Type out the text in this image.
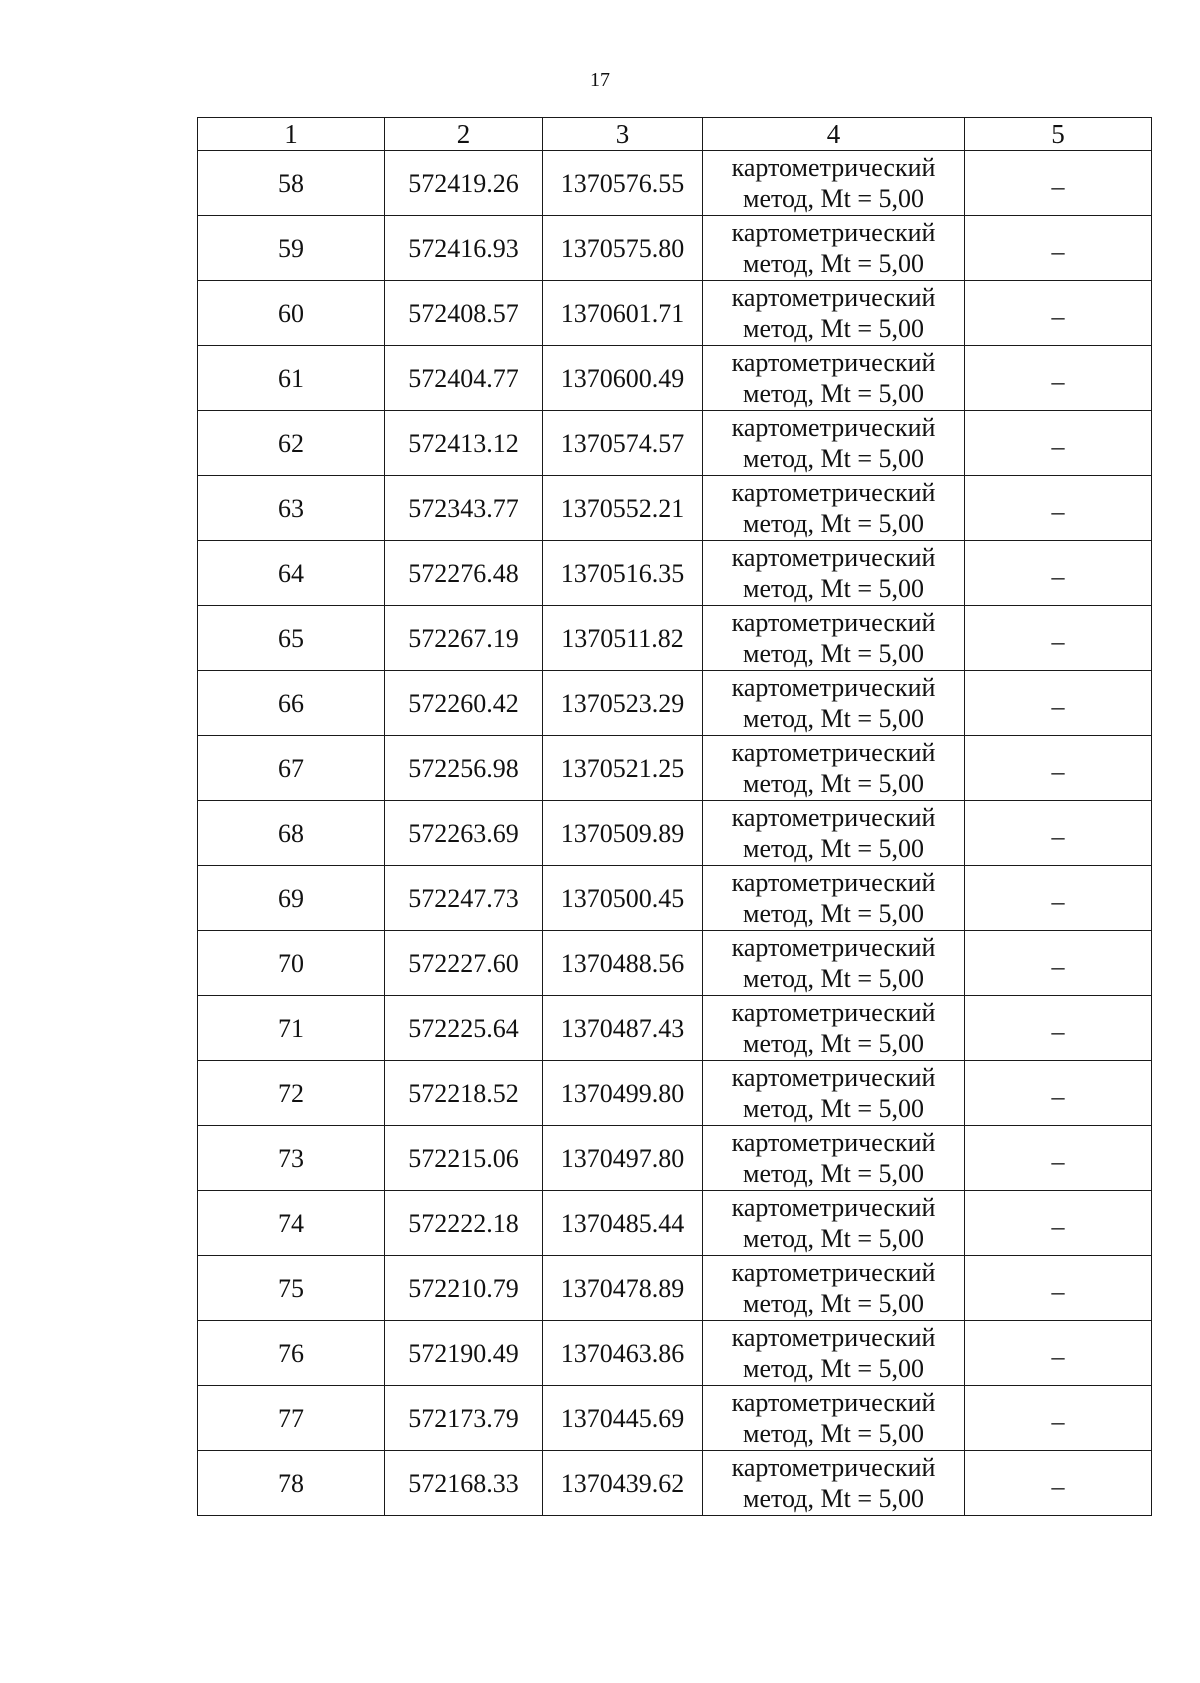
17
1	2	3	4	5
58	572419.26	1370576.55	картометрический
метод, Mt = 5,00	–
59	572416.93	1370575.80	картометрический
метод, Mt = 5,00	–
60	572408.57	1370601.71	картометрический
метод, Mt = 5,00	–
61	572404.77	1370600.49	картометрический
метод, Mt = 5,00	–
62	572413.12	1370574.57	картометрический
метод, Mt = 5,00	–
63	572343.77	1370552.21	картометрический
метод, Mt = 5,00	–
64	572276.48	1370516.35	картометрический
метод, Mt = 5,00	–
65	572267.19	1370511.82	картометрический
метод, Mt = 5,00	–
66	572260.42	1370523.29	картометрический
метод, Mt = 5,00	–
67	572256.98	1370521.25	картометрический
метод, Mt = 5,00	–
68	572263.69	1370509.89	картометрический
метод, Mt = 5,00	–
69	572247.73	1370500.45	картометрический
метод, Mt = 5,00	–
70	572227.60	1370488.56	картометрический
метод, Mt = 5,00	–
71	572225.64	1370487.43	картометрический
метод, Mt = 5,00	–
72	572218.52	1370499.80	картометрический
метод, Mt = 5,00	–
73	572215.06	1370497.80	картометрический
метод, Mt = 5,00	–
74	572222.18	1370485.44	картометрический
метод, Mt = 5,00	–
75	572210.79	1370478.89	картометрический
метод, Mt = 5,00	–
76	572190.49	1370463.86	картометрический
метод, Mt = 5,00	–
77	572173.79	1370445.69	картометрический
метод, Mt = 5,00	–
78	572168.33	1370439.62	картометрический
метод, Mt = 5,00	–
